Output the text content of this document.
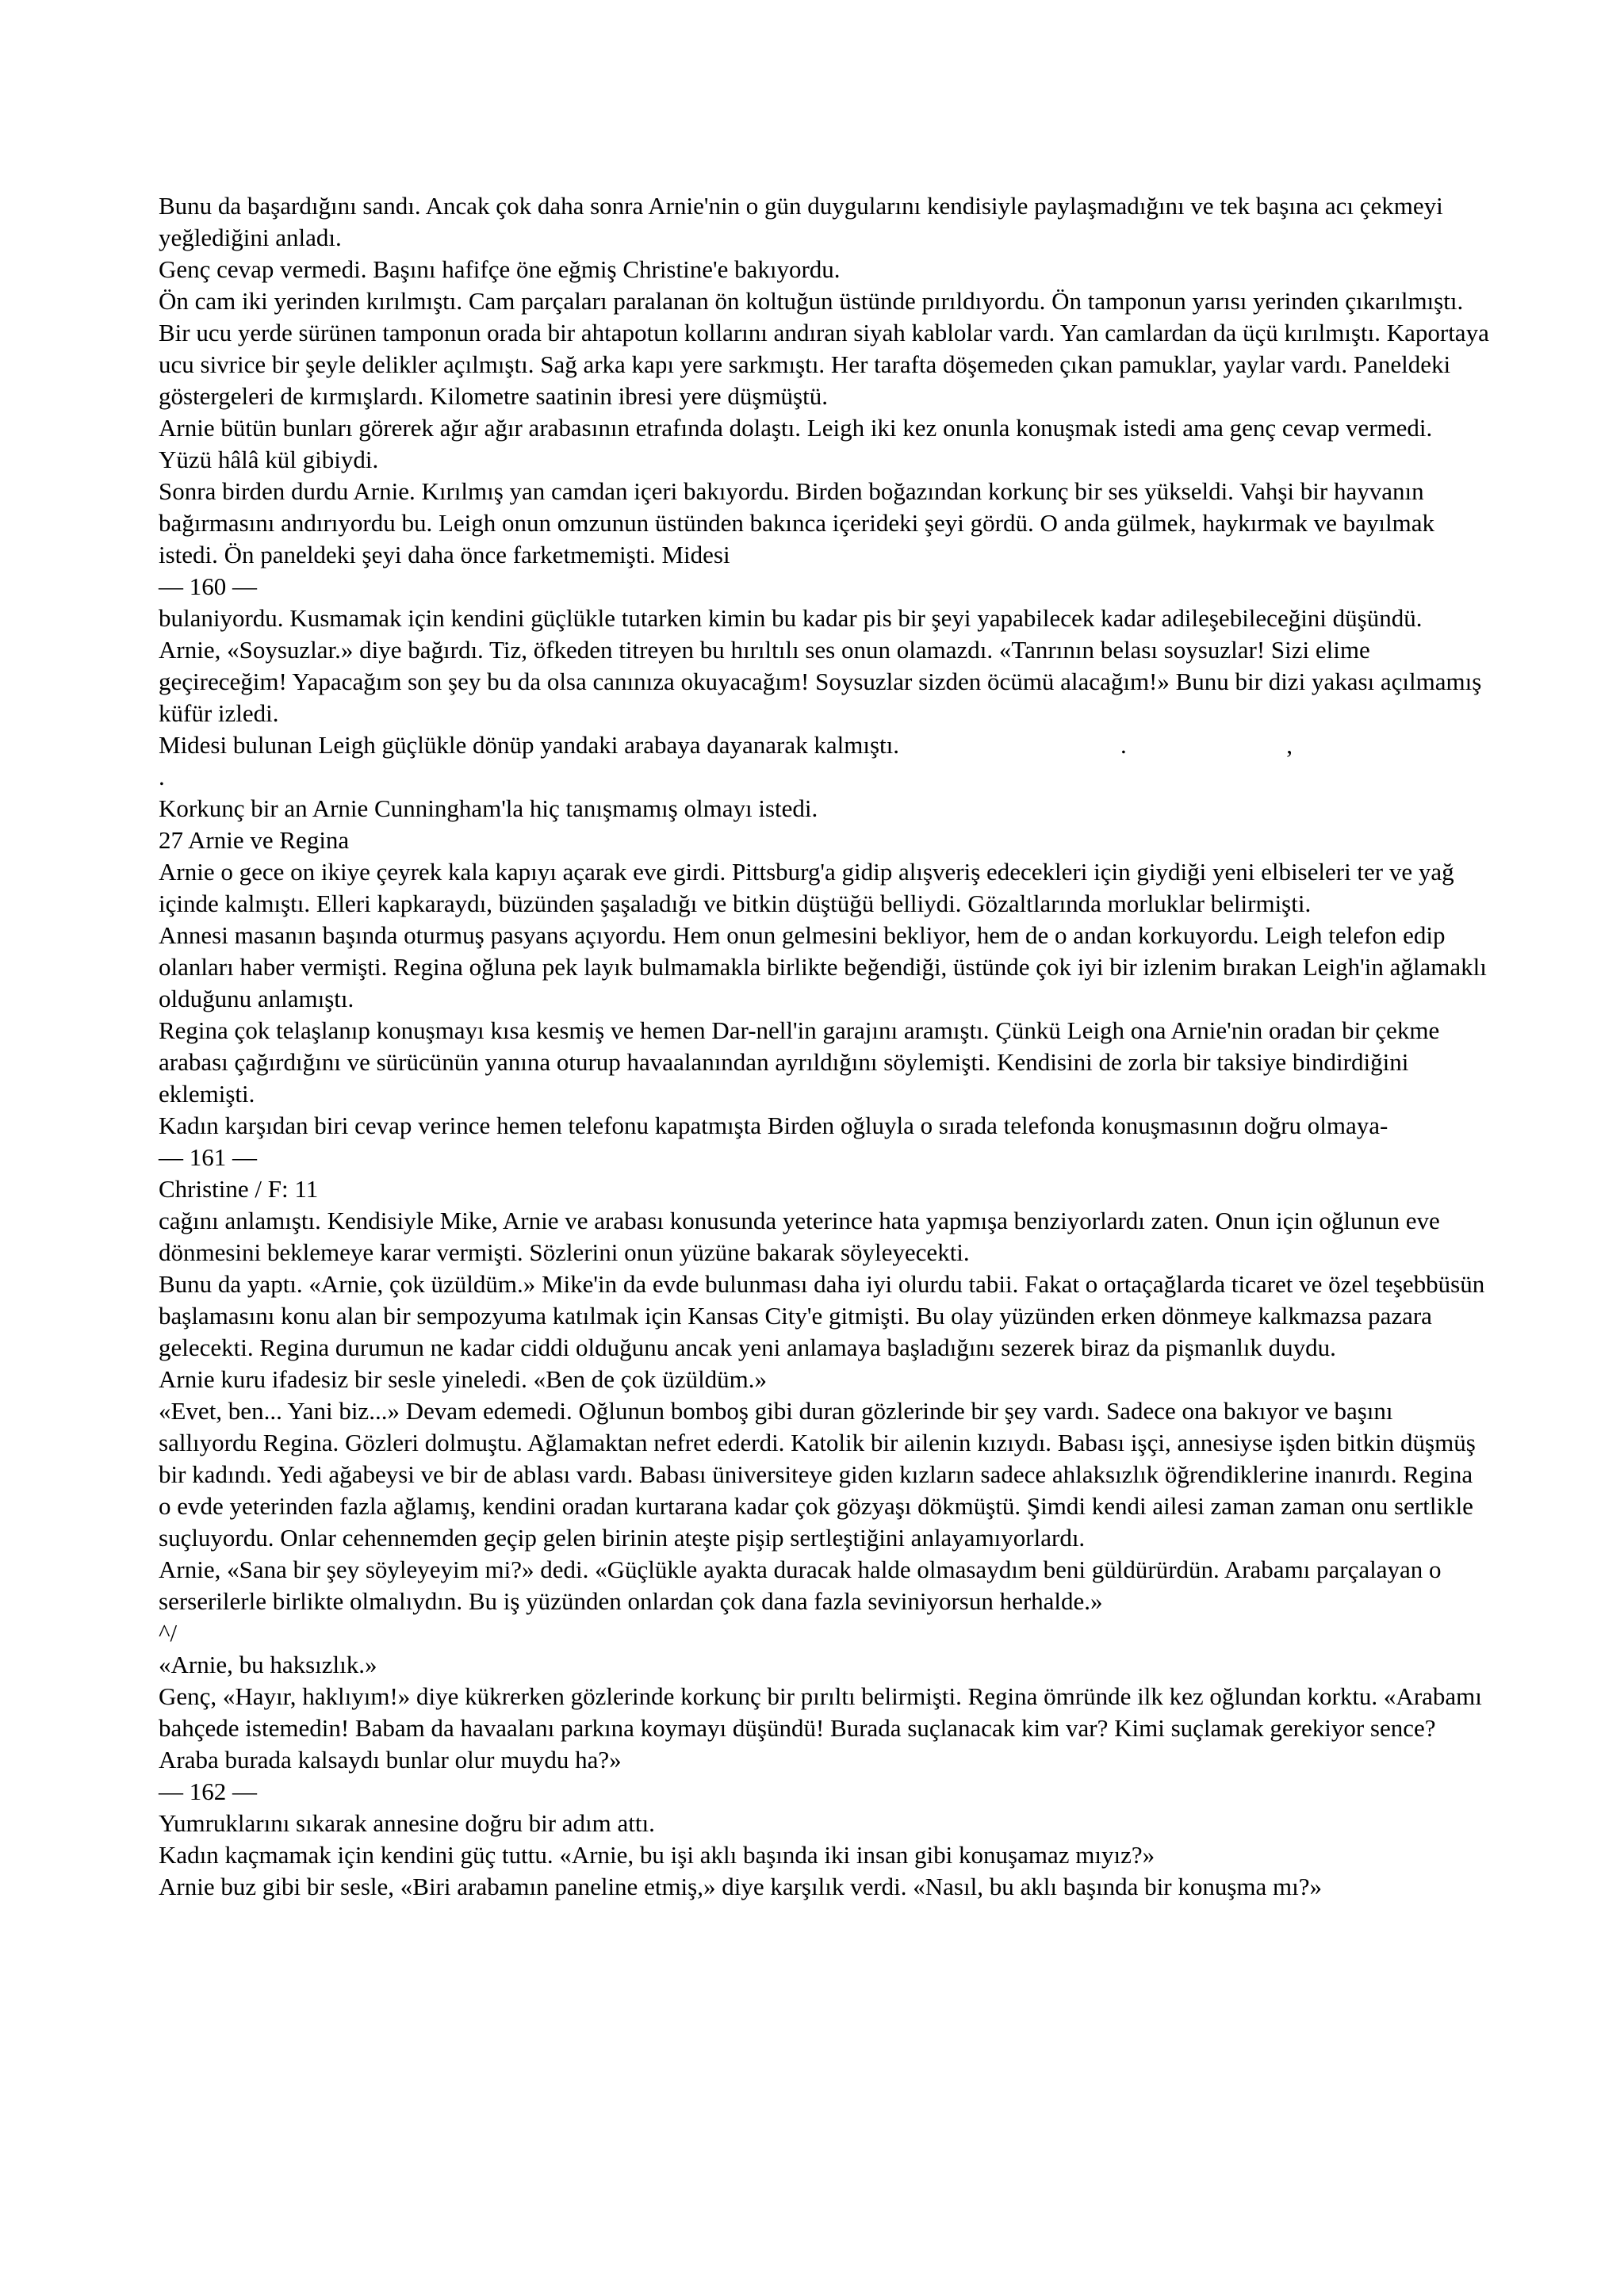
Bunu da başardığını sandı. Ancak çok daha sonra Arnie'nin o gün duygularını kendisiyle paylaşmadığını ve tek başına acı çekmeyi yeğlediğini anladı.

Genç cevap vermedi. Başını hafifçe öne eğmiş Christine'e bakıyordu.

Ön cam iki yerinden kırılmıştı. Cam parçaları paralanan ön koltuğun üstünde pırıldıyordu. Ön tamponun yarısı yerinden çıkarılmıştı. Bir ucu yerde sürünen tamponun orada bir ahtapotun kollarını andıran siyah kablolar vardı. Yan camlardan da üçü kırılmıştı. Kaportaya ucu sivrice bir şeyle delikler açılmıştı. Sağ arka kapı yere sarkmıştı. Her tarafta döşemeden çıkan pamuklar, yaylar vardı. Paneldeki göstergeleri de kırmışlardı. Kilometre saatinin ibresi yere düşmüştü.

Arnie bütün bunları görerek ağır ağır arabasının etrafında dolaştı. Leigh iki kez onunla konuşmak istedi ama genç cevap vermedi. Yüzü hâlâ kül gibiydi.

Sonra birden durdu Arnie. Kırılmış yan camdan içeri bakıyordu. Birden boğazından korkunç bir ses yükseldi. Vahşi bir hayvanın bağırmasını andırıyordu bu. Leigh onun omzunun üstünden bakınca içerideki şeyi gördü. O anda gülmek, haykırmak ve bayılmak istedi. Ön paneldeki şeyi daha önce farketmemişti. Midesi

— 160 —

bulaniyordu. Kusmamak için kendini güçlükle tutarken kimin bu kadar pis bir şeyi yapabilecek kadar adileşebileceğini düşündü.

Arnie, «Soysuzlar.» diye bağırdı. Tiz, öfkeden titreyen bu hırıltılı ses onun olamazdı. «Tanrının belası soysuzlar! Sizi elime geçireceğim! Yapacağım son şey bu da olsa canınıza okuyacağım! Soysuzlar sizden öcümü alacağım!» Bunu bir dizi yakası açılmamış küfür izledi.

Midesi bulunan Leigh güçlükle dönüp yandaki arabaya dayanarak kalmıştı.	.	,

.

Korkunç bir an Arnie Cunningham'la hiç tanışmamış olmayı istedi.

27 Arnie ve Regina

Arnie o gece on ikiye çeyrek kala kapıyı açarak eve girdi. Pittsburg'a gidip alışveriş edecekleri için giydiği yeni elbiseleri ter ve yağ içinde kalmıştı. Elleri kapkaraydı, büzünden şaşaladığı ve bitkin düştüğü belliydi. Gözaltlarında morluklar belirmişti.

Annesi masanın başında oturmuş pasyans açıyordu. Hem onun gelmesini bekliyor, hem de o andan korkuyordu. Leigh telefon edip olanları haber vermişti. Regina oğluna pek layık bulmamakla birlikte beğendiği, üstünde çok iyi bir izlenim bırakan Leigh'in ağlamaklı olduğunu anlamıştı.

Regina çok telaşlanıp konuşmayı kısa kesmiş ve hemen Dar-nell'in garajını aramıştı. Çünkü Leigh ona Arnie'nin oradan bir çekme arabası çağırdığını ve sürücünün yanına oturup havaalanından ayrıldığını söylemişti. Kendisini de zorla bir taksiye bindirdiğini eklemişti.

Kadın karşıdan biri cevap verince hemen telefonu kapatmıştа Birden oğluyla o sırada telefonda konuşmasının doğru olmaya-

— 161 —

Christine / F: 11

cağını anlamıştı. Kendisiyle Mike, Arnie ve arabası konusunda yeterince hata yapmışa benziyorlardı zaten. Onun için oğlunun eve dönmesini beklemeye karar vermişti. Sözlerini onun yüzüne bakarak söyleyecekti.

Bunu da yaptı. «Arnie, çok üzüldüm.» Mike'in da evde bulunması daha iyi olurdu tabii. Fakat o ortaçağlarda ticaret ve özel teşebbüsün başlamasını konu alan bir sempozyuma katılmak için Kansas City'e gitmişti. Bu olay yüzünden erken dönmeye kalkmazsa pazara gelecekti. Regina durumun ne kadar ciddi olduğunu ancak yeni anlamaya başladığını sezerek biraz da pişmanlık duydu.

Arnie kuru ifadesiz bir sesle yineledi. «Ben de çok üzüldüm.»

«Evet, ben... Yani biz...» Devam edemedi. Oğlunun bomboş gibi duran gözlerinde bir şey vardı. Sadece ona bakıyor ve başını sallıyordu Regina. Gözleri dolmuştu. Ağlamaktan nefret ederdi. Katolik bir ailenin kızıydı. Babası işçi, annesiyse işden bitkin düşmüş bir kadındı. Yedi ağabeysi ve bir de ablası vardı. Babası üniversiteye giden kızların sadece ahlaksızlık öğrendiklerine inanırdı. Regina o evde yeterinden fazla ağlamış, kendini oradan kurtarana kadar çok gözyaşı dökmüştü. Şimdi kendi ailesi zaman zaman onu sertlikle suçluyordu. Onlar cehennemden geçip gelen birinin ateşte pişip sertleştiğini anlayamıyorlardı.

Arnie, «Sana bir şey söyleyeyim mi?» dedi. «Güçlükle ayakta duracak halde olmasaydım beni güldürürdün. Arabamı parçalayan o serserilerle birlikte olmalıydın. Bu iş yüzünden onlardan çok dana fazla seviniyorsun herhalde.»

^/

«Arnie, bu haksızlık.»

Genç, «Hayır, haklıyım!» diye kükrerken gözlerinde korkunç bir pırıltı belirmişti. Regina ömründe ilk kez oğlundan korktu. «Arabamı bahçede istemedin! Babam da havaalanı parkına koymayı düşündü! Burada suçlanacak kim var? Kimi suçlamak gerekiyor sence? Araba burada kalsaydı bunlar olur muydu ha?»

— 162 —

Yumruklarını sıkarak annesine doğru bir adım attı.

Kadın kaçmamak için kendini güç tuttu. «Arnie, bu işi aklı başında iki insan gibi konuşamaz mıyız?»

Arnie buz gibi bir sesle, «Biri arabamın paneline etmiş,» diye karşılık verdi. «Nasıl, bu aklı başında bir konuşma mı?»
